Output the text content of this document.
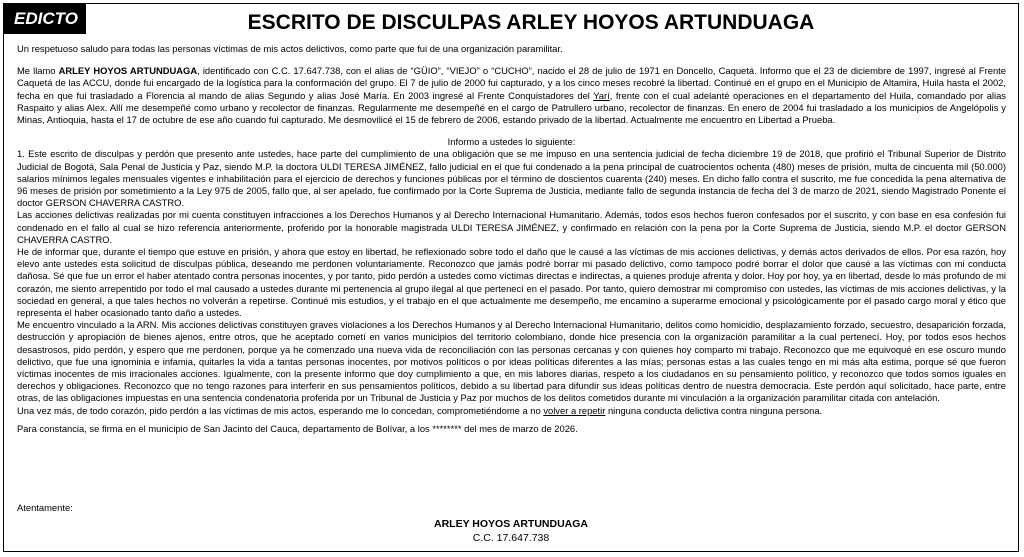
EDICTO	ESCRITO DE DISCULPAS ARLEY HOYOS ARTUNDUAGA

Un respetuoso saludo para todas las personas víctimas de mis actos delictivos, como parte que fui de una organización paramilitar.

Me llamo ARLEY HOYOS ARTUNDUAGA, identificado con C.C. 17.647.738, con el alias de “GÜIO”, “VIEJO” o “CUCHO”, nacido el 28 de julio de 1971 en Doncello, Caquetá. Informo que el 23 de diciembre de 1997, ingresé al Frente Caquetá de las ACCU, donde fui encargado de la logística para la conformación del grupo. El 7 de julio de 2000 fui capturado, y a los cinco meses recobré la libertad. Continué en el grupo en el Municipio de Altamira, Huila hasta el 2002, fecha en que fui trasladado a Florencia al mando de alias Segundo y alias José María. En 2003 ingresé al Frente Conquistadores del Yarí, frente con el cual adelanté operaciones en el departamento del Huila, comandado por alias Raspaito y alias Alex. Allí me desempeñé como urbano y recolector de finanzas. Regularmente me desempeñé en el cargo de Patrullero urbano, recolector de finanzas. En enero de 2004 fui trasladado a los municipios de Angelópolis y Minas, Antioquia, hasta el 17 de octubre de ese año cuando fui capturado. Me desmovilicé el 15 de febrero de 2006, estando privado de la libertad. Actualmente me encuentro en Libertad a Prueba.

Informo a ustedes lo siguiente:

1. Este escrito de disculpas y perdón que presento ante ustedes, hace parte del cumplimiento de una obligación que se me impuso en una sentencia judicial de fecha diciembre 19 de 2018, que profirió el Tribunal Superior de Distrito Judicial de Bogotá, Sala Penal de Justicia y Paz, siendo M.P. la doctora ULDI TERESA JIMÉNEZ, fallo judicial en el que fui condenado a la pena principal de cuatrocientos ochenta (480) meses de prisión, multa de cincuenta mil (50.000) salarios mínimos legales mensuales vigentes e inhabilitación para el ejercicio de derechos y funciones públicas por el término de doscientos cuarenta (240) meses. En dicho fallo contra el suscrito, me fue concedida la pena alternativa de 96 meses de prisión por sometimiento a la Ley 975 de 2005, fallo que, al ser apelado, fue confirmado por la Corte Suprema de Justicia, mediante fallo de segunda instancia de fecha del 3 de marzo de 2021, siendo Magistrado Ponente el doctor GERSON CHAVERRA CASTRO.

Las acciones delictivas realizadas por mi cuenta constituyen infracciones a los Derechos Humanos y al Derecho Internacional Humanitario. Además, todos esos hechos fueron confesados por el suscrito, y con base en esa confesión fui condenado en el fallo al cual se hizo referencia anteriormente, proferido por la honorable magistrada ULDI TERESA JIMÉNEZ, y confirmado en relación con la pena por la Corte Suprema de Justicia, siendo M.P. el doctor GERSON CHAVERRA CASTRO.

He de informar que, durante el tiempo que estuve en prisión, y ahora que estoy en libertad, he reflexionado sobre todo el daño que le causé a las víctimas de mis acciones delictivas, y demás actos derivados de ellos. Por esa razón, hoy elevo ante ustedes esta solicitud de disculpas pública, deseando me perdonen voluntariamente. Reconozco que jamás podré borrar mi pasado delictivo, como tampoco podré borrar el dolor que causé a las víctimas con mi conducta dañosa. Sé que fue un error el haber atentado contra personas inocentes, y por tanto, pido perdón a ustedes como víctimas directas e indirectas, a quienes produje afrenta y dolor. Hoy por hoy, ya en libertad, desde lo más profundo de mi corazón, me siento arrepentido por todo el mal causado a ustedes durante mi pertenencia al grupo ilegal al que pertenecí en el pasado. Por tanto, quiero demostrar mi compromiso con ustedes, las víctimas de mis acciones delictivas, y la sociedad en general, a que tales hechos no volverán a repetirse. Continué mis estudios, y el trabajo en el que actualmente me desempeño, me encamino a superarme emocional y psicológicamente por el pasado cargo moral y ético que representa el haber ocasionado tanto daño a ustedes.

Me encuentro vinculado a la ARN. Mis acciones delictivas constituyen graves violaciones a los Derechos Humanos y al Derecho Internacional Humanitario, delitos como homicidio, desplazamiento forzado, secuestro, desaparición forzada, destrucción y apropiación de bienes ajenos, entre otros, que he aceptado cometí en varios municipios del territorio colombiano, donde hice presencia con la organización paramilitar a la cual pertenecí. Hoy, por todos esos hechos desastrosos, pido perdón, y espero que me perdonen, porque ya he comenzado una nueva vida de reconciliación con las personas cercanas y con quienes hoy comparto mi trabajo. Reconozco que me equivoqué en ese oscuro mundo delictivo, que fue una ignominia e infamia, quitarles la vida a tantas personas inocentes, por motivos políticos o por ideas políticas diferentes a las mías; personas estas a las cuales tengo en mi más alta estima, porque sé que fueron víctimas inocentes de mis irracionales acciones. Igualmente, con la presente informo que doy cumplimiento a que, en mis labores diarias, respeto a los ciudadanos en su pensamiento político, y reconozco que todos somos iguales en derechos y obligaciones. Reconozco que no tengo razones para interferir en sus pensamientos políticos, debido a su libertad para difundir sus ideas políticas dentro de nuestra democracia. Este perdón aquí solicitado, hace parte, entre otras, de las obligaciones impuestas en una sentencia condenatoria proferida por un Tribunal de Justicia y Paz por muchos de los delitos cometidos durante mi vinculación a la organización paramilitar citada con antelación.

Una vez más, de todo corazón, pido perdón a las víctimas de mis actos, esperando me lo concedan, comprometiéndome a no volver a repetir ninguna conducta delictiva contra ninguna persona.

Para constancia, se firma en el municipio de San Jacinto del Cauca, departamento de Bolívar, a los ******** del mes de marzo de 2026.

Atentamente:
ARLEY HOYOS ARTUNDUAGA
C.C. 17.647.738
